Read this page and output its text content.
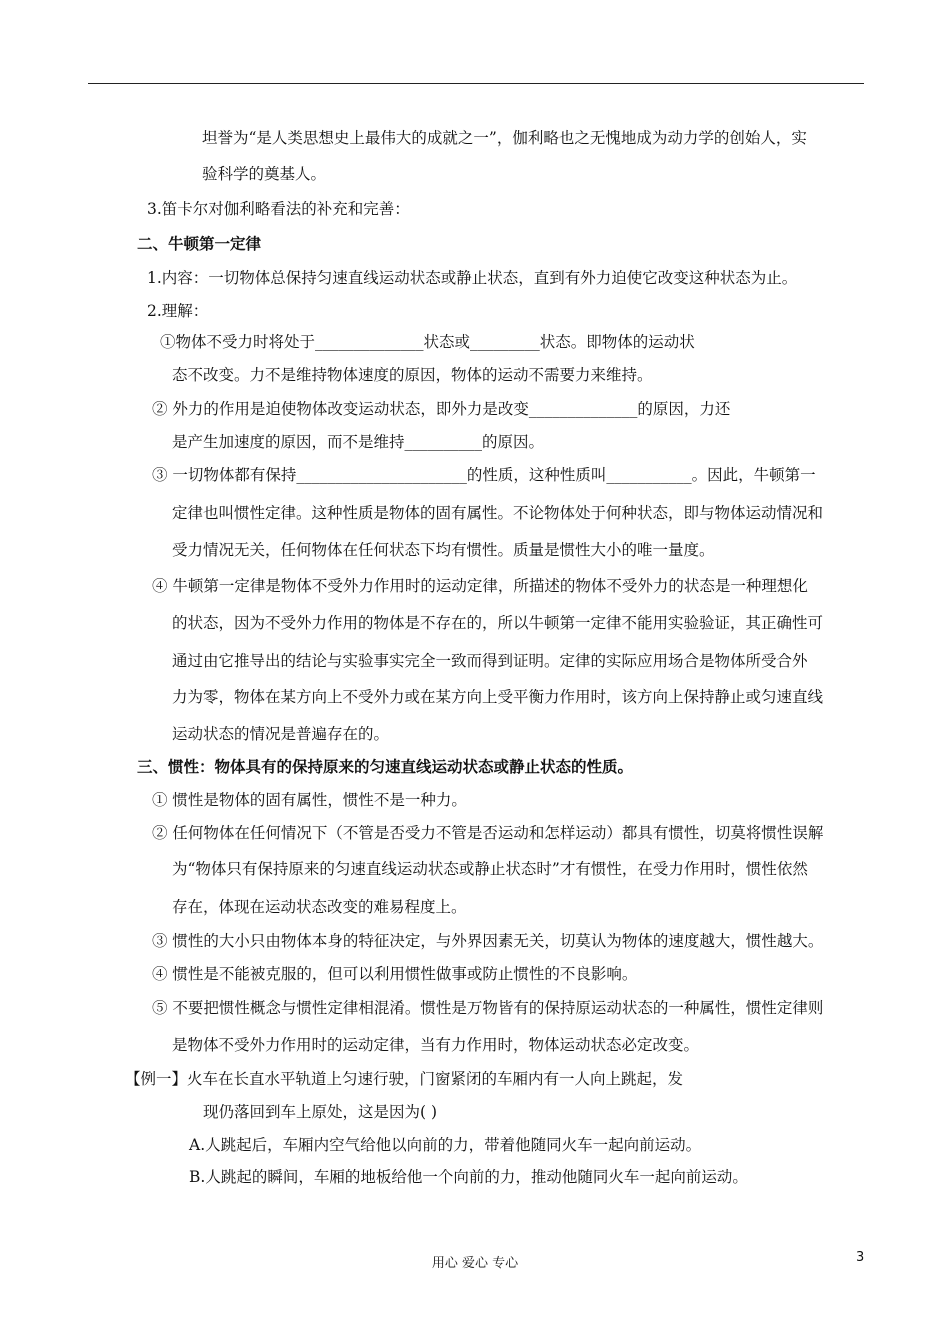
坦誉为“是人类思想史上最伟大的成就之一”，伽利略也之无愧地成为动力学的创始人，实
验科学的奠基人。
3.笛卡尔对伽利略看法的补充和完善：
二、牛顿第一定律
1.内容：一切物体总保持匀速直线运动状态或静止状态，直到有外力迫使它改变这种状态为止。
2.理解：
①物体不受力时将处于______________状态或_________状态。即物体的运动状
态不改变。力不是维持物体速度的原因，物体的运动不需要力来维持。
② 外力的作用是迫使物体改变运动状态，即外力是改变______________的原因，力还
是产生加速度的原因，而不是维持__________的原因。
③ 一切物体都有保持______________________的性质，这种性质叫___________。因此，牛顿第一
定律也叫惯性定律。这种性质是物体的固有属性。不论物体处于何种状态，即与物体运动情况和
受力情况无关，任何物体在任何状态下均有惯性。质量是惯性大小的唯一量度。
④ 牛顿第一定律是物体不受外力作用时的运动定律，所描述的物体不受外力的状态是一种理想化
的状态，因为不受外力作用的物体是不存在的，所以牛顿第一定律不能用实验验证，其正确性可
通过由它推导出的结论与实验事实完全一致而得到证明。定律的实际应用场合是物体所受合外
力为零，物体在某方向上不受外力或在某方向上受平衡力作用时，该方向上保持静止或匀速直线
运动状态的情况是普遍存在的。
三、惯性：物体具有的保持原来的匀速直线运动状态或静止状态的性质。
① 惯性是物体的固有属性，惯性不是一种力。
② 任何物体在任何情况下（不管是否受力不管是否运动和怎样运动）都具有惯性，切莫将惯性误解
为“物体只有保持原来的匀速直线运动状态或静止状态时”才有惯性，在受力作用时，惯性依然
存在，体现在运动状态改变的难易程度上。
③ 惯性的大小只由物体本身的特征决定，与外界因素无关，切莫认为物体的速度越大，惯性越大。
④ 惯性是不能被克服的，但可以利用惯性做事或防止惯性的不良影响。
⑤ 不要把惯性概念与惯性定律相混淆。惯性是万物皆有的保持原运动状态的一种属性，惯性定律则
是物体不受外力作用时的运动定律，当有力作用时，物体运动状态必定改变。
【例一】火车在长直水平轨道上匀速行驶，门窗紧闭的车厢内有一人向上跳起，发
现仍落回到车上原处，这是因为( )
A.人跳起后，车厢内空气给他以向前的力，带着他随同火车一起向前运动。
B.人跳起的瞬间，车厢的地板给他一个向前的力，推动他随同火车一起向前运动。
用心 爱心 专心	3
